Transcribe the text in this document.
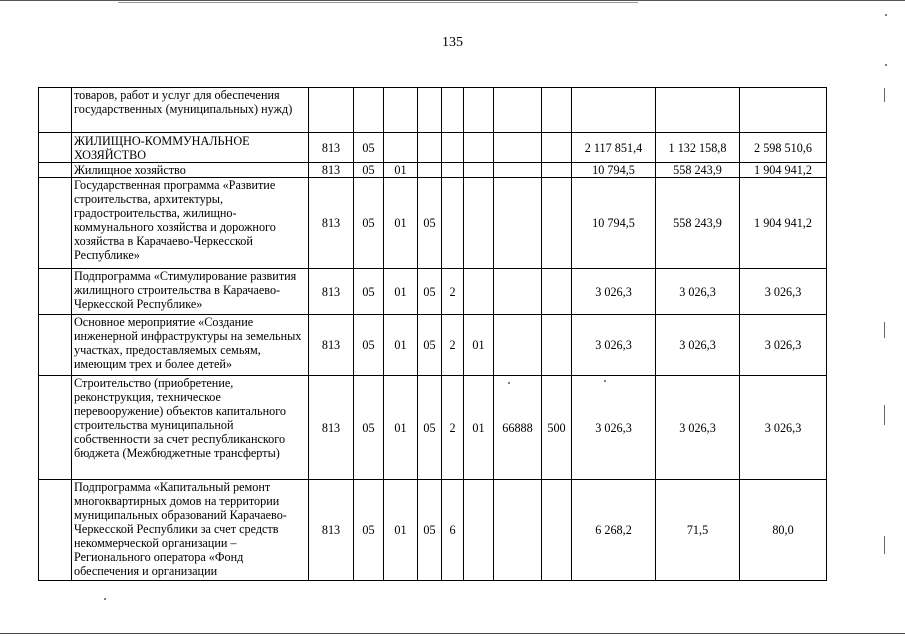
135
	товаров, работ и услуг для обеспечения государственных (муниципальных) нужд)											
	ЖИЛИЩНО-КОММУНАЛЬНОЕ ХОЗЯЙСТВО	813	05							2 117 851,4	1 132 158,8	2 598 510,6
	Жилищное хозяйство	813	05	01						10 794,5	558 243,9	1 904 941,2
	Государственная программа «Развитие строительства, архитектуры, градостроительства, жилищно-коммунального хозяйства и дорожного хозяйства в Карачаево-Черкесской Республике»	813	05	01	05					10 794,5	558 243,9	1 904 941,2
	Подпрограмма «Стимулирование развития жилищного строительства в Карачаево-Черкесской Республике»	813	05	01	05	2				3 026,3	3 026,3	3 026,3
	Основное мероприятие «Создание инженерной инфраструктуры на земельных участках, предоставляемых семьям, имеющим трех и более детей»	813	05	01	05	2	01			3 026,3	3 026,3	3 026,3
	Строительство (приобретение, реконструкция, техническое перевооружение) объектов капитального строительства муниципальной собственности за счет республиканского бюджета (Межбюджетные трансферты)	813	05	01	05	2	01	66888	500	3 026,3	3 026,3	3 026,3
	Подпрограмма «Капитальный ремонт многоквартирных домов на территории муниципальных образований Карачаево-Черкесской Республики за счет средств некоммерческой организации – Регионального оператора «Фонд обеспечения и организации	813	05	01	05	6				6 268,2	71,5	80,0
